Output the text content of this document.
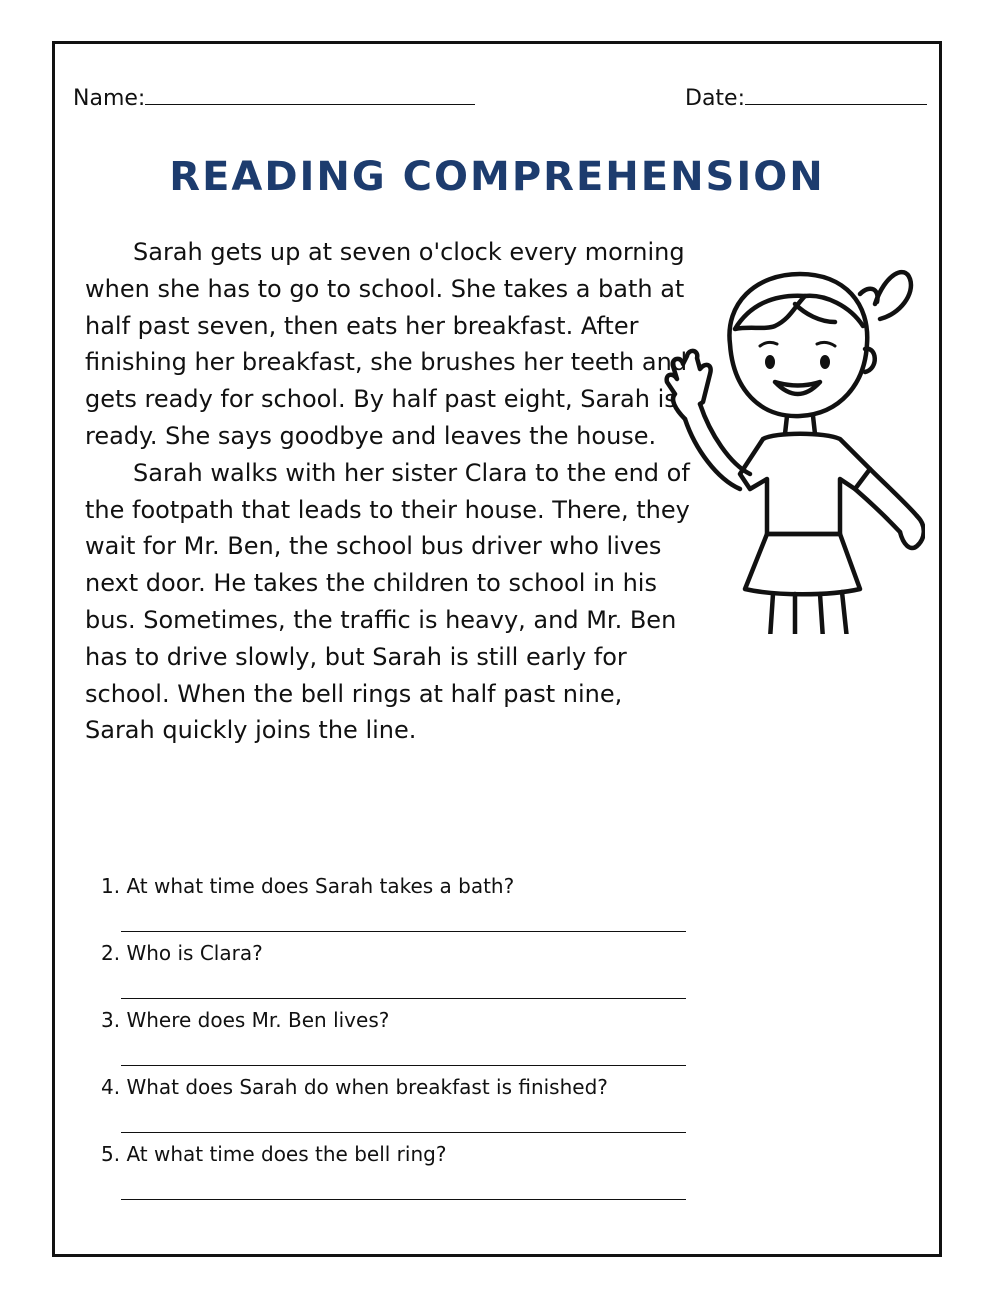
Name:	Date:
READING COMPREHENSION

Sarah gets up at seven o'clock every morning when she has to go to school. She takes a bath at half past seven, then eats her breakfast. After finishing her breakfast, she brushes her teeth and gets ready for school. By half past eight, Sarah is ready. She says goodbye and leaves the house.

Sarah walks with her sister Clara to the end of the footpath that leads to their house. There, they wait for Mr. Ben, the school bus driver who lives next door. He takes the children to school in his bus. Sometimes, the traffic is heavy, and Mr. Ben has to drive slowly, but Sarah is still early for school. When the bell rings at half past nine, Sarah quickly joins the line.

1. At what time does Sarah takes a bath?
2. Who is Clara?
3. Where does Mr. Ben lives?
4. What does Sarah do when breakfast is finished?
5. At what time does the bell ring?
